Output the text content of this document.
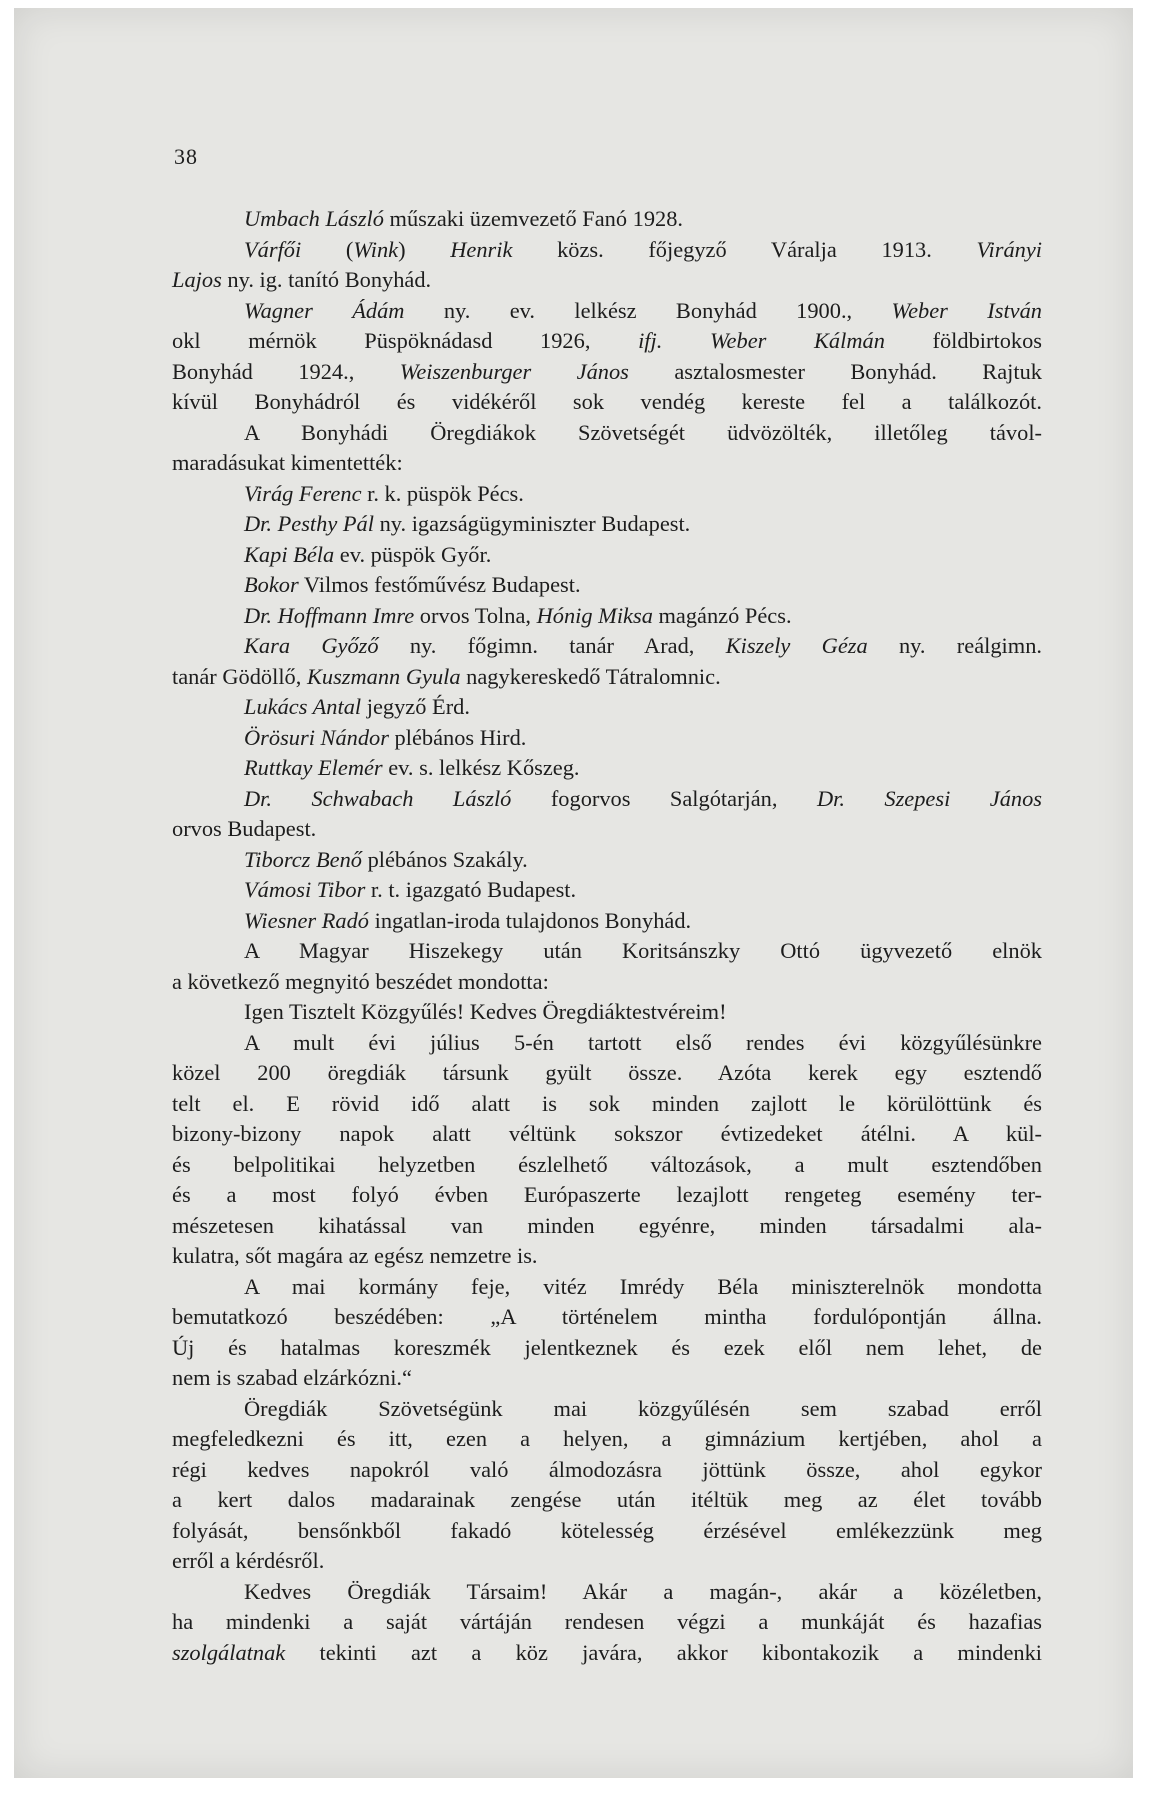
38
Umbach László műszaki üzemvezető Fanó 1928.
Várfői (Wink) Henrik közs. főjegyző Váralja 1913. Virányi
Lajos ny. ig. tanító Bonyhád.
Wagner Ádám ny. ev. lelkész Bonyhád 1900., Weber István
okl mérnök Püspöknádasd 1926, ifj. Weber Kálmán földbirtokos
Bonyhád 1924., Weiszenburger János asztalosmester Bonyhád. Rajtuk
kívül Bonyhádról és vidékéről sok vendég kereste fel a találkozót.
A Bonyhádi Öregdiákok Szövetségét üdvözölték, illetőleg távol-
maradásukat kimentették:
Virág Ferenc r. k. püspök Pécs.
Dr. Pesthy Pál ny. igazságügyminiszter Budapest.
Kapi Béla ev. püspök Győr.
Bokor Vilmos festőművész Budapest.
Dr. Hoffmann Imre orvos Tolna, Hónig Miksa magánzó Pécs.
Kara Győző ny. főgimn. tanár Arad, Kiszely Géza ny. reálgimn.
tanár Gödöllő, Kuszmann Gyula nagykereskedő Tátralomnic.
Lukács Antal jegyző Érd.
Örösuri Nándor plébános Hird.
Ruttkay Elemér ev. s. lelkész Kőszeg.
Dr. Schwabach László fogorvos Salgótarján, Dr. Szepesi János
orvos Budapest.
Tiborcz Benő plébános Szakály.
Vámosi Tibor r. t. igazgató Budapest.
Wiesner Radó ingatlan-iroda tulajdonos Bonyhád.
A Magyar Hiszekegy után Koritsánszky Ottó ügyvezető elnök
a következő megnyitó beszédet mondotta:
Igen Tisztelt Közgyűlés! Kedves Öregdiáktestvéreim!
A mult évi július 5-én tartott első rendes évi közgyűlésünkre
közel 200 öregdiák társunk gyült össze. Azóta kerek egy esztendő
telt el. E rövid idő alatt is sok minden zajlott le körülöttünk és
bizony-bizony napok alatt véltünk sokszor évtizedeket átélni. A kül-
és belpolitikai helyzetben észlelhető változások, a mult esztendőben
és a most folyó évben Európaszerte lezajlott rengeteg esemény ter-
mészetesen kihatással van minden egyénre, minden társadalmi ala-
kulatra, sőt magára az egész nemzetre is.
A mai kormány feje, vitéz Imrédy Béla miniszterelnök mondotta
bemutatkozó beszédében: „A történelem mintha fordulópontján állna.
Új és hatalmas koreszmék jelentkeznek és ezek elől nem lehet, de
nem is szabad elzárkózni.“
Öregdiák Szövetségünk mai közgyűlésén sem szabad erről
megfeledkezni és itt, ezen a helyen, a gimnázium kertjében, ahol a
régi kedves napokról való álmodozásra jöttünk össze, ahol egykor
a kert dalos madarainak zengése után itéltük meg az élet tovább
folyását, bensőnkből fakadó kötelesség érzésével emlékezzünk meg
erről a kérdésről.
Kedves Öregdiák Társaim! Akár a magán-, akár a közéletben,
ha mindenki a saját vártáján rendesen végzi a munkáját és hazafias
szolgálatnak tekinti azt a köz javára, akkor kibontakozik a mindenki
